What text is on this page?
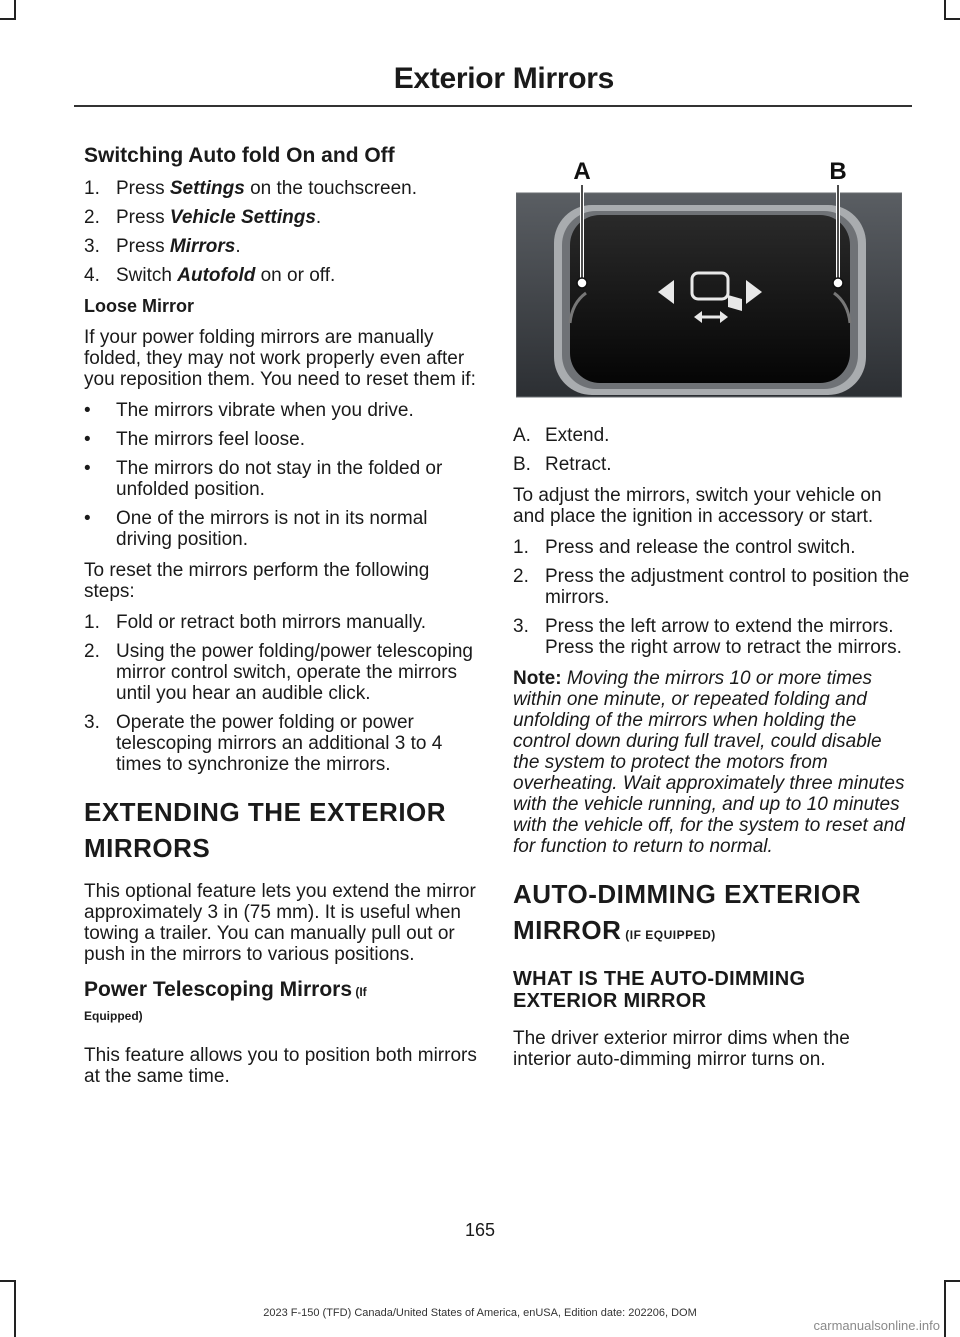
Exterior Mirrors
Switching Auto fold On and Off
1. Press Settings on the touchscreen.
2. Press Vehicle Settings.
3. Press Mirrors.
4. Switch Autofold on or off.
Loose Mirror

If your power folding mirrors are manually folded, they may not work properly even after you reposition them. You need to reset them if:

• The mirrors vibrate when you drive.
• The mirrors feel loose.
• The mirrors do not stay in the folded or unfolded position.
• One of the mirrors is not in its normal driving position.

To reset the mirrors perform the following steps:

1. Fold or retract both mirrors manually.
2. Using the power folding/power telescoping mirror control switch, operate the mirrors until you hear an audible click.
3. Operate the power folding or power telescoping mirrors an additional 3 to 4 times to synchronize the mirrors.
EXTENDING THE EXTERIOR
MIRRORS

This optional feature lets you extend the mirror approximately 3 in (75 mm). It is useful when towing a trailer. You can manually pull out or push in the mirrors to various positions.

Power Telescoping Mirrors (If
Equipped)

This feature allows you to position both mirrors at the same time.

A	B
A. Extend.
B. Retract.

To adjust the mirrors, switch your vehicle on and place the ignition in accessory or start.

1. Press and release the control switch.
2. Press the adjustment control to position the mirrors.
3. Press the left arrow to extend the mirrors. Press the right arrow to retract the mirrors.

Note: Moving the mirrors 10 or more times within one minute, or repeated folding and unfolding of the mirrors when holding the control down during full travel, could disable the system to protect the motors from overheating. Wait approximately three minutes with the vehicle running, and up to 10 minutes with the vehicle off, for the system to reset and for function to return to normal.

AUTO-DIMMING EXTERIOR
MIRROR (IF EQUIPPED)
WHAT IS THE AUTO-DIMMING
EXTERIOR MIRROR

The driver exterior mirror dims when the interior auto-dimming mirror turns on.

165
2023 F-150 (TFD) Canada/United States of America, enUSA, Edition date: 202206, DOM
carmanualsonline.info
